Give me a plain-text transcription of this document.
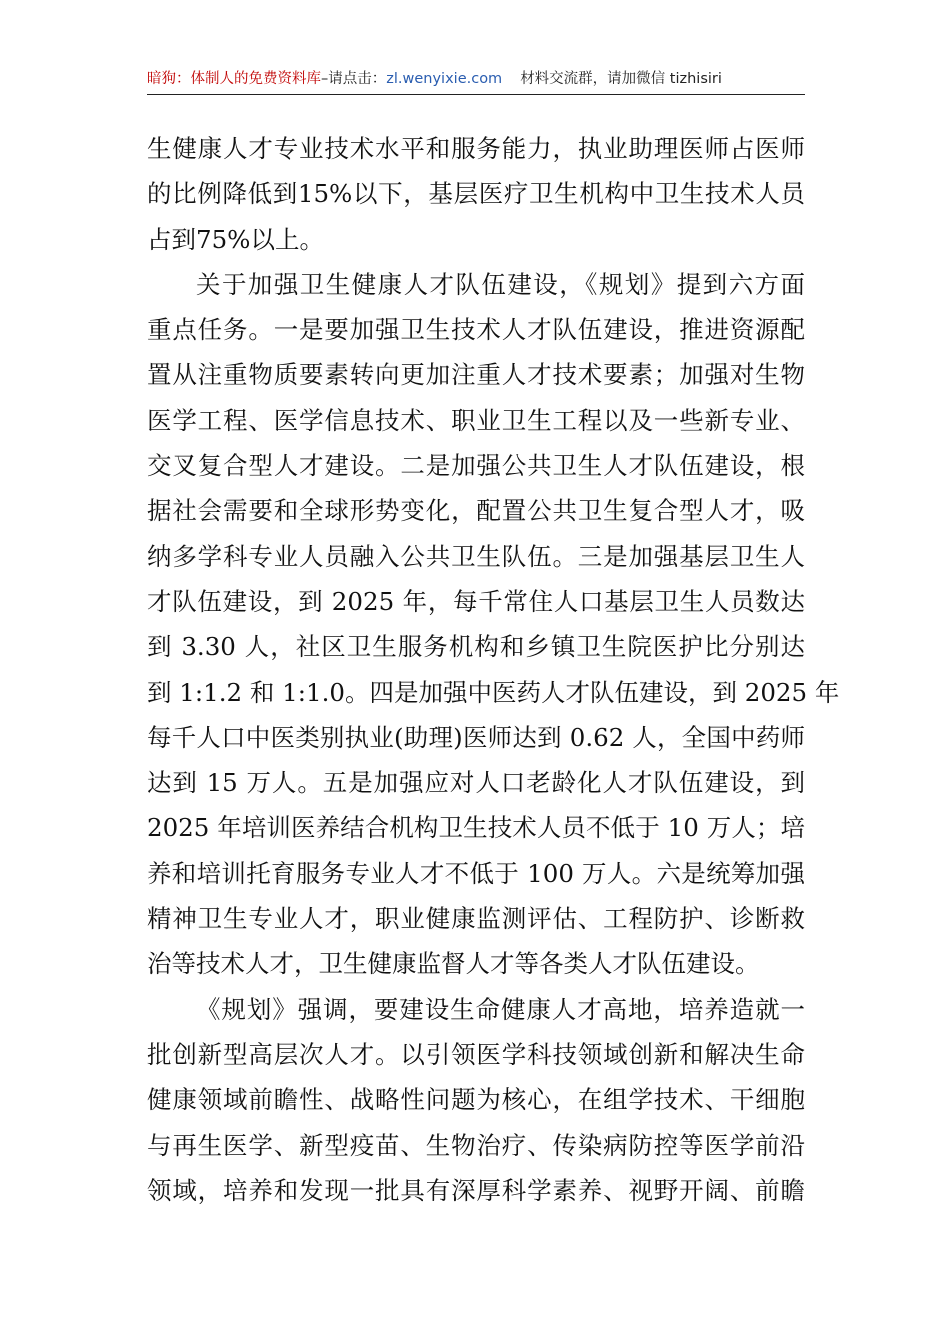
暗狗：体制人的免费资料库–请点击：zl.wenyixie.com 材料交流群，请加微信 tizhisiri
生健康人才专业技术水平和服务能力，执业助理医师占医师
的比例降低到15%以下，基层医疗卫生机构中卫生技术人员
占到75%以上。
关于加强卫生健康人才队伍建设，《规划》提到六方面
重点任务。一是要加强卫生技术人才队伍建设，推进资源配
置从注重物质要素转向更加注重人才技术要素；加强对生物
医学工程、医学信息技术、职业卫生工程以及一些新专业、
交叉复合型人才建设。二是加强公共卫生人才队伍建设，根
据社会需要和全球形势变化，配置公共卫生复合型人才，吸
纳多学科专业人员融入公共卫生队伍。三是加强基层卫生人
才队伍建设，到 2025 年，每千常住人口基层卫生人员数达
到 3.30 人，社区卫生服务机构和乡镇卫生院医护比分别达
到 1:1.2 和 1:1.0。四是加强中医药人才队伍建设，到 2025 年
每千人口中医类别执业(助理)医师达到 0.62 人，全国中药师
达到 15 万人。五是加强应对人口老龄化人才队伍建设，到
2025 年培训医养结合机构卫生技术人员不低于 10 万人；培
养和培训托育服务专业人才不低于 100 万人。六是统筹加强
精神卫生专业人才，职业健康监测评估、工程防护、诊断救
治等技术人才，卫生健康监督人才等各类人才队伍建设。
《规划》强调，要建设生命健康人才高地，培养造就一
批创新型高层次人才。以引领医学科技领域创新和解决生命
健康领域前瞻性、战略性问题为核心，在组学技术、干细胞
与再生医学、新型疫苗、生物治疗、传染病防控等医学前沿
领域，培养和发现一批具有深厚科学素养、视野开阔、前瞻
